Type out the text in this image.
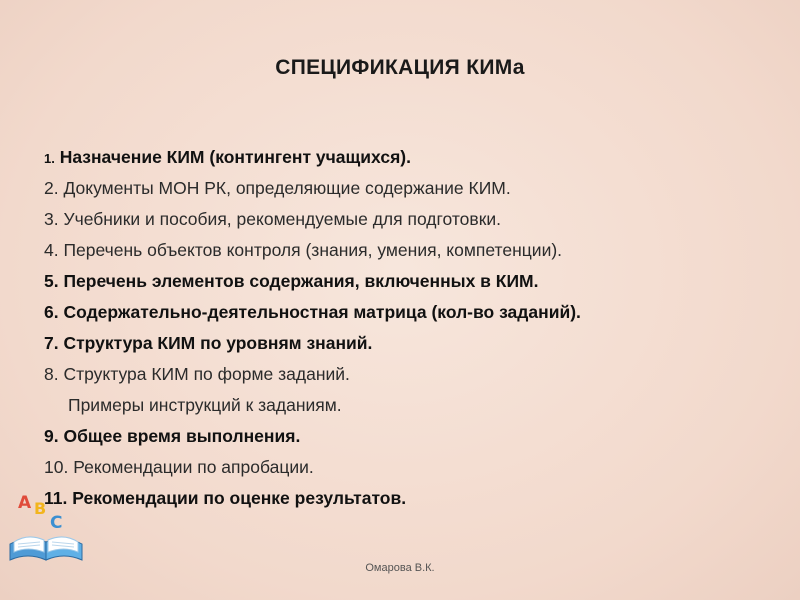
СПЕЦИФИКАЦИЯ КИМа
1. Назначение КИМ (контингент учащихся).
2. Документы МОН РК, определяющие содержание КИМ.
3. Учебники и пособия, рекомендуемые для подготовки.
4. Перечень объектов контроля (знания, умения, компетенции).
5. Перечень элементов содержания, включенных в КИМ.
6. Содержательно-деятельностная матрица (кол-во заданий).
7. Структура КИМ по уровням знаний.
8. Структура КИМ по форме заданий.
Примеры инструкций к заданиям.
9. Общее время выполнения.
10. Рекомендации по апробации.
11. Рекомендации по оценке результатов.
A B
C
Омарова В.К.
